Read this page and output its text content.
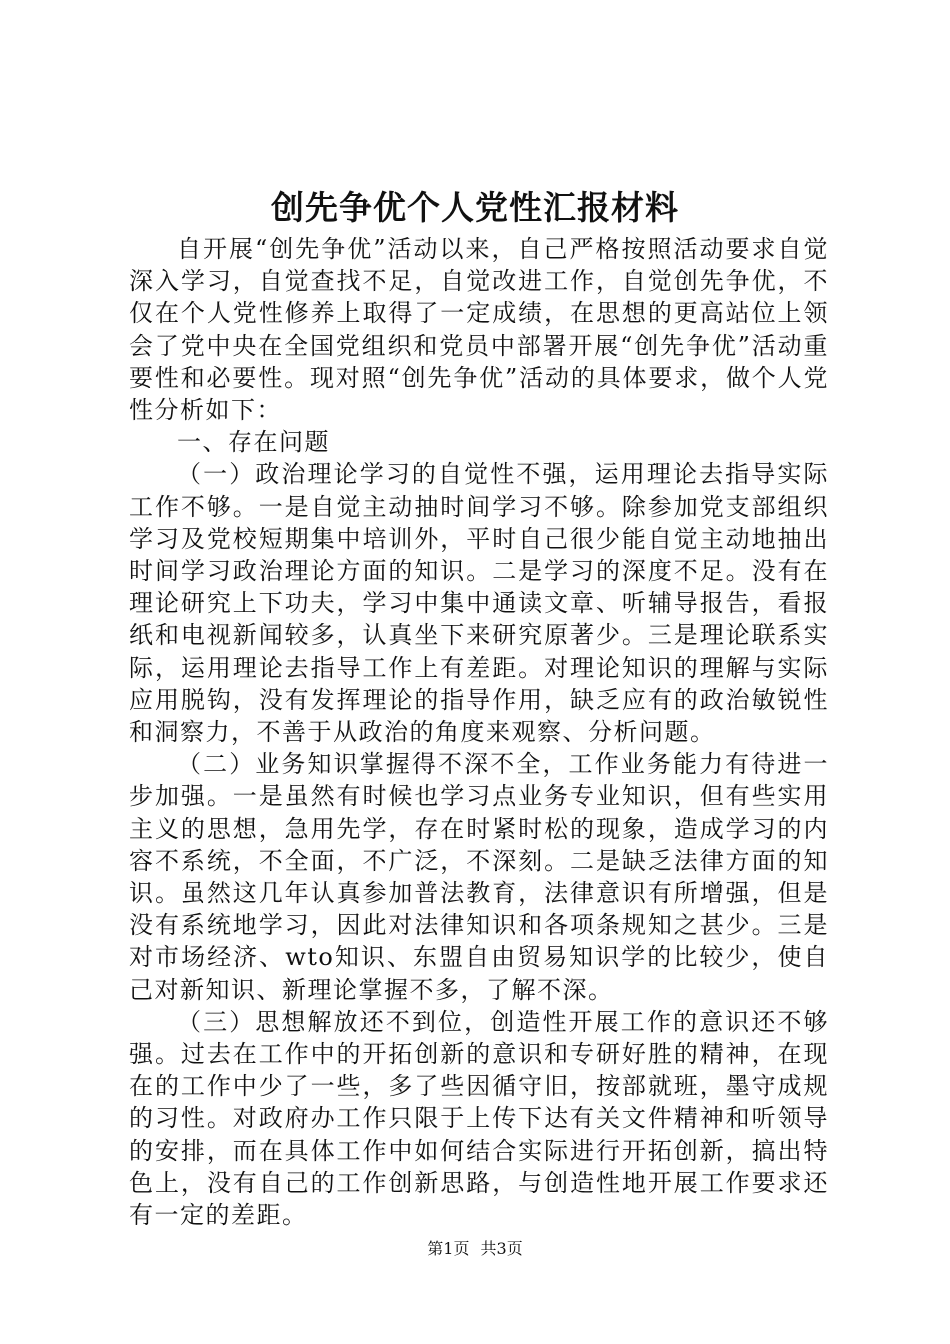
创先争优个人党性汇报材料

自开展“创先争优”活动以来，自己严格按照活动要求自觉深入学习，自觉查找不足，自觉改进工作，自觉创先争优，不仅在个人党性修养上取得了一定成绩，在思想的更高站位上领会了党中央在全国党组织和党员中部署开展“创先争优”活动重要性和必要性。现对照“创先争优”活动的具体要求，做个人党性分析如下：

一、存在问题

（一）政治理论学习的自觉性不强，运用理论去指导实际工作不够。一是自觉主动抽时间学习不够。除参加党支部组织学习及党校短期集中培训外，平时自己很少能自觉主动地抽出时间学习政治理论方面的知识。二是学习的深度不足。没有在理论研究上下功夫，学习中集中通读文章、听辅导报告，看报纸和电视新闻较多，认真坐下来研究原著少。三是理论联系实际，运用理论去指导工作上有差距。对理论知识的理解与实际应用脱钩，没有发挥理论的指导作用，缺乏应有的政治敏锐性和洞察力，不善于从政治的角度来观察、分析问题。

（二）业务知识掌握得不深不全，工作业务能力有待进一步加强。一是虽然有时候也学习点业务专业知识，但有些实用主义的思想，急用先学，存在时紧时松的现象，造成学习的内容不系统，不全面，不广泛，不深刻。二是缺乏法律方面的知识。虽然这几年认真参加普法教育，法律意识有所增强，但是没有系统地学习，因此对法律知识和各项条规知之甚少。三是对市场经济、wto知识、东盟自由贸易知识学的比较少，使自己对新知识、新理论掌握不多，了解不深。

（三）思想解放还不到位，创造性开展工作的意识还不够强。过去在工作中的开拓创新的意识和专研好胜的精神，在现在的工作中少了一些，多了些因循守旧，按部就班，墨守成规的习性。对政府办工作只限于上传下达有关文件精神和听领导的安排，而在具体工作中如何结合实际进行开拓创新，搞出特色上，没有自己的工作创新思路，与创造性地开展工作要求还有一定的差距。

第1页 共3页
